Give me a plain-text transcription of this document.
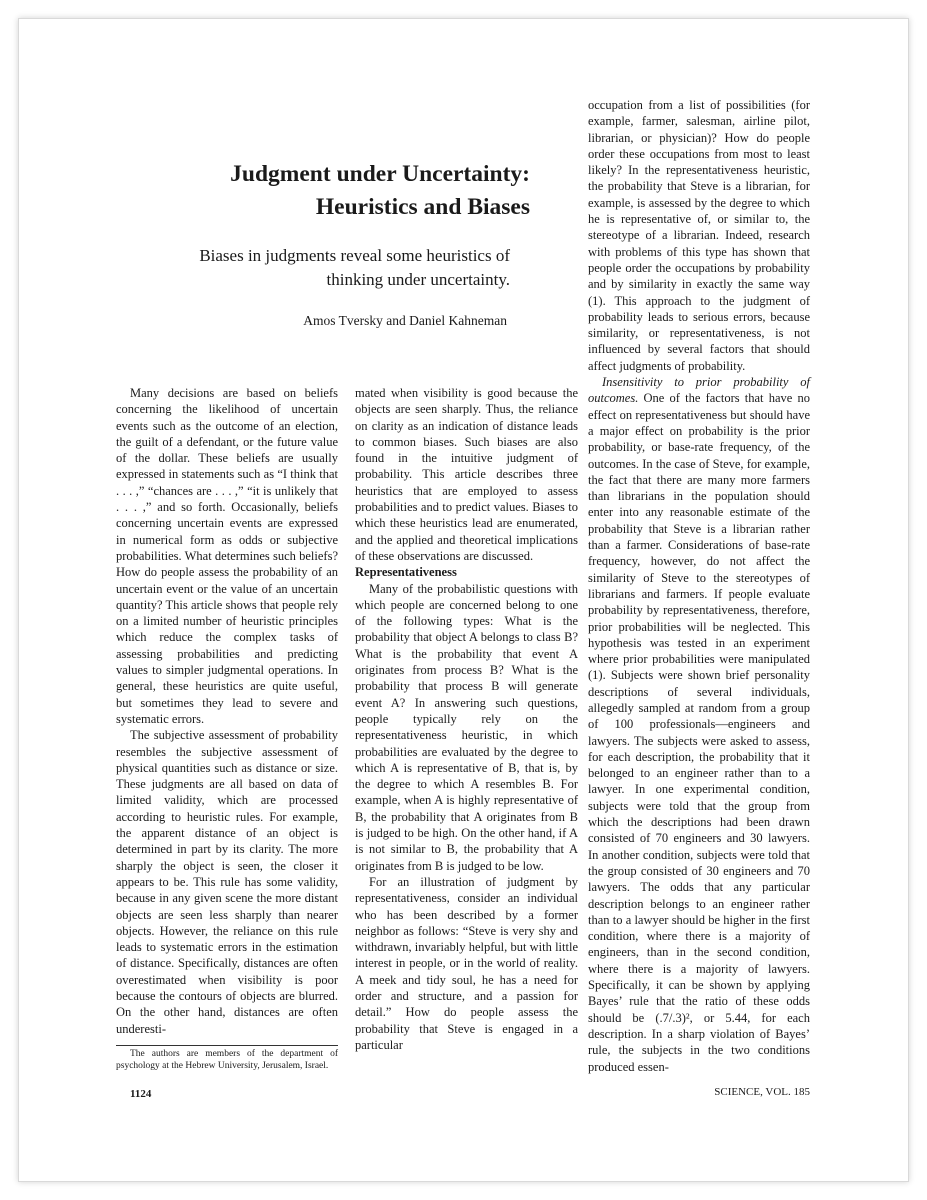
Judgment under Uncertainty:
Heuristics and Biases

Biases in judgments reveal some heuristics of
thinking under uncertainty.

Amos Tversky and Daniel Kahneman

Many decisions are based on beliefs concerning the likelihood of uncertain events such as the outcome of an election, the guilt of a defendant, or the future value of the dollar. These beliefs are usually expressed in statements such as “I think that . . . ,” “chances are . . . ,” “it is unlikely that . . . ,” and so forth. Occasionally, beliefs concerning uncertain events are expressed in numerical form as odds or subjective probabilities. What determines such beliefs? How do people assess the probability of an uncertain event or the value of an uncertain quantity? This article shows that people rely on a limited number of heuristic principles which reduce the complex tasks of assessing probabilities and predicting values to simpler judgmental operations. In general, these heuristics are quite useful, but sometimes they lead to severe and systematic errors.

The subjective assessment of probability resembles the subjective assessment of physical quantities such as distance or size. These judgments are all based on data of limited validity, which are processed according to heuristic rules. For example, the apparent distance of an object is determined in part by its clarity. The more sharply the object is seen, the closer it appears to be. This rule has some validity, because in any given scene the more distant objects are seen less sharply than nearer objects. However, the reliance on this rule leads to systematic errors in the estimation of distance. Specifically, distances are often overestimated when visibility is poor because the contours of objects are blurred. On the other hand, distances are often underesti-

mated when visibility is good because the objects are seen sharply. Thus, the reliance on clarity as an indication of distance leads to common biases. Such biases are also found in the intuitive judgment of probability. This article describes three heuristics that are employed to assess probabilities and to predict values. Biases to which these heuristics lead are enumerated, and the applied and theoretical implications of these observations are discussed.

Representativeness

Many of the probabilistic questions with which people are concerned belong to one of the following types: What is the probability that object A belongs to class B? What is the probability that event A originates from process B? What is the probability that process B will generate event A? In answering such questions, people typically rely on the representativeness heuristic, in which probabilities are evaluated by the degree to which A is representative of B, that is, by the degree to which A resembles B. For example, when A is highly representative of B, the probability that A originates from B is judged to be high. On the other hand, if A is not similar to B, the probability that A originates from B is judged to be low.

For an illustration of judgment by representativeness, consider an individual who has been described by a former neighbor as follows: “Steve is very shy and withdrawn, invariably helpful, but with little interest in people, or in the world of reality. A meek and tidy soul, he has a need for order and structure, and a passion for detail.” How do people assess the probability that Steve is engaged in a particular

occupation from a list of possibilities (for example, farmer, salesman, airline pilot, librarian, or physician)? How do people order these occupations from most to least likely? In the representativeness heuristic, the probability that Steve is a librarian, for example, is assessed by the degree to which he is representative of, or similar to, the stereotype of a librarian. Indeed, research with problems of this type has shown that people order the occupations by probability and by similarity in exactly the same way (1). This approach to the judgment of probability leads to serious errors, because similarity, or representativeness, is not influenced by several factors that should affect judgments of probability.

Insensitivity to prior probability of outcomes. One of the factors that have no effect on representativeness but should have a major effect on probability is the prior probability, or base-rate frequency, of the outcomes. In the case of Steve, for example, the fact that there are many more farmers than librarians in the population should enter into any reasonable estimate of the probability that Steve is a librarian rather than a farmer. Considerations of base-rate frequency, however, do not affect the similarity of Steve to the stereotypes of librarians and farmers. If people evaluate probability by representativeness, therefore, prior probabilities will be neglected. This hypothesis was tested in an experiment where prior probabilities were manipulated (1). Subjects were shown brief personality descriptions of several individuals, allegedly sampled at random from a group of 100 professionals—engineers and lawyers. The subjects were asked to assess, for each description, the probability that it belonged to an engineer rather than to a lawyer. In one experimental condition, subjects were told that the group from which the descriptions had been drawn consisted of 70 engineers and 30 lawyers. In another condition, subjects were told that the group consisted of 30 engineers and 70 lawyers. The odds that any particular description belongs to an engineer rather than to a lawyer should be higher in the first condition, where there is a majority of engineers, than in the second condition, where there is a majority of lawyers. Specifically, it can be shown by applying Bayes’ rule that the ratio of these odds should be (.7/.3)², or 5.44, for each description. In a sharp violation of Bayes’ rule, the subjects in the two conditions produced essen-

The authors are members of the department of psychology at the Hebrew University, Jerusalem, Israel.

1124	SCIENCE, VOL. 185
